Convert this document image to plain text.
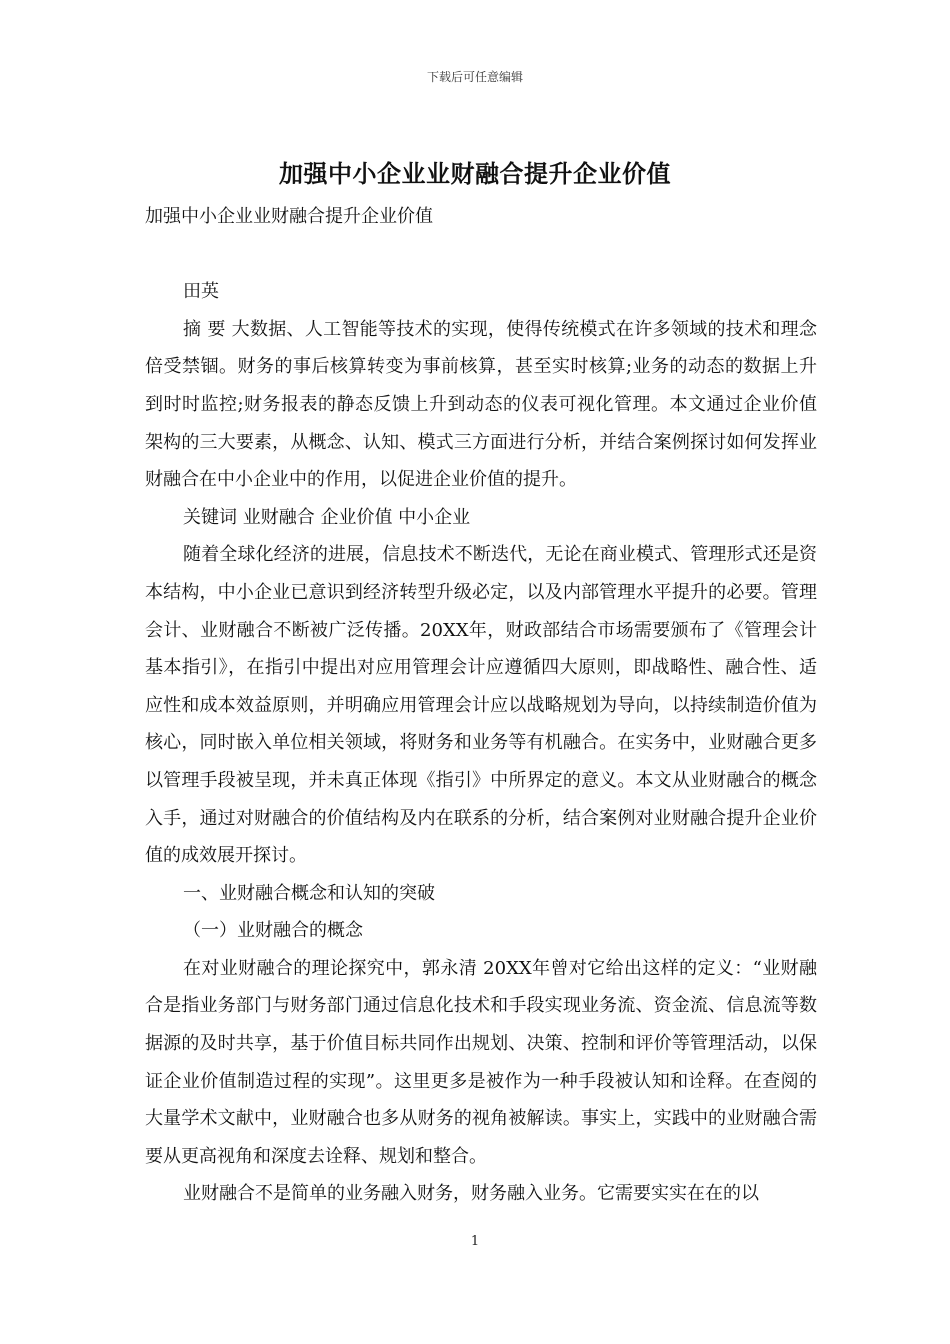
下载后可任意编辑
加强中小企业业财融合提升企业价值

加强中小企业业财融合提升企业价值

田英

摘 要 大数据、人工智能等技术的实现，使得传统模式在许多领域的技术和理念倍受禁锢。财务的事后核算转变为事前核算，甚至实时核算;业务的动态的数据上升到时时监控;财务报表的静态反馈上升到动态的仪表可视化管理。本文通过企业价值架构的三大要素，从概念、认知、模式三方面进行分析，并结合案例探讨如何发挥业财融合在中小企业中的作用，以促进企业价值的提升。

关键词 业财融合 企业价值 中小企业

随着全球化经济的进展，信息技术不断迭代，无论在商业模式、管理形式还是资本结构，中小企业已意识到经济转型升级必定，以及内部管理水平提升的必要。管理会计、业财融合不断被广泛传播。20XX年，财政部结合市场需要颁布了《管理会计基本指引》，在指引中提出对应用管理会计应遵循四大原则，即战略性、融合性、适应性和成本效益原则，并明确应用管理会计应以战略规划为导向，以持续制造价值为核心，同时嵌入单位相关领域，将财务和业务等有机融合。在实务中，业财融合更多以管理手段被呈现，并未真正体现《指引》中所界定的意义。本文从业财融合的概念入手，通过对财融合的价值结构及内在联系的分析，结合案例对业财融合提升企业价值的成效展开探讨。

一、业财融合概念和认知的突破

（一）业财融合的概念

在对业财融合的理论探究中，郭永清 20XX年曾对它给出这样的定义：“业财融合是指业务部门与财务部门通过信息化技术和手段实现业务流、资金流、信息流等数据源的及时共享，基于价值目标共同作出规划、决策、控制和评价等管理活动，以保证企业价值制造过程的实现”。这里更多是被作为一种手段被认知和诠释。在查阅的大量学术文献中，业财融合也多从财务的视角被解读。事实上，实践中的业财融合需要从更高视角和深度去诠释、规划和整合。

业财融合不是简单的业务融入财务，财务融入业务。它需要实实在在的以

1
